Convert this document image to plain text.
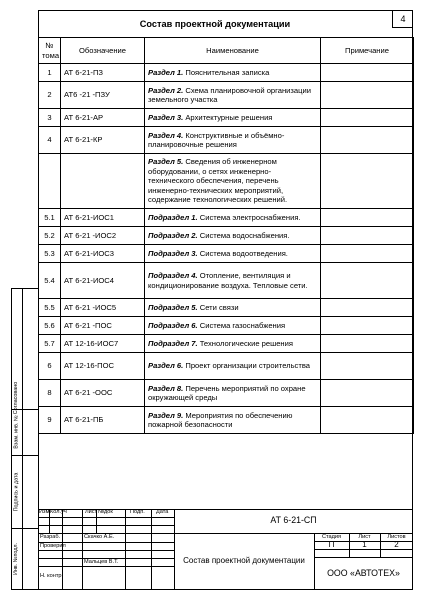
4
Состав проектной документации
№ тома	Обозначение	Наименование	Примечание
1	АТ 6-21-ПЗ	Раздел 1. Пояснительная записка	
2	АТ6 -21 -ПЗУ	Раздел 2. Схема планировочной организации земельного участка	
3	АТ 6-21-АР	Раздел 3. Архитектурные решения	
4	АТ 6-21-КР	Раздел 4. Конструктивные и объёмно-планировочные решения	
		Раздел 5. Сведения об инженерном оборудовании, о сетях инженерно-технического обеспечения, перечень инженерно-технических мероприятий, содержание технологических решений.	
5.1	АТ 6-21-ИОС1	Подраздел 1. Система электроснабжения.	
5.2	АТ 6-21 -ИОС2	Подраздел 2. Система водоснабжения.	
5.3	АТ 6-21-ИОС3	Подраздел 3. Система водоотведения.	
5.4	АТ 6-21-ИОС4	Подраздел 4. Отопление, вентиляция и кондиционирование воздуха. Тепловые сети.	
5.5	АТ 6-21 -ИОС5	Подраздел 5. Сети связи	
5.6	АТ 6-21 -ПОС	Подраздел 6. Система газоснабжения	
5.7	АТ 12-16-ИОС7	Подраздел 7. Технологические решения	
6	АТ 12-16-ПОС	Раздел 6. Проект организации строительства	
8	АТ 6-21 -ООС	Раздел 8. Перечень мероприятий по охране окружающей среды	
9	АТ 6-21-ПБ	Раздел 9. Мероприятия по обеспечению пожарной безопасности	
Согласовано
Взам. инв. №
Подпись и дата
Инв. №подл.
Изм Кол.уч	Лист №док	Подп. Дата
Разраб.	Скачко А.Е.
Проверил
Мальцев В.Т.
Н. контр.
АТ 6-21-СП
Состав проектной документации
Стадия	Лист	Листов
П	1	2
ООО «АВТОТЕХ»
